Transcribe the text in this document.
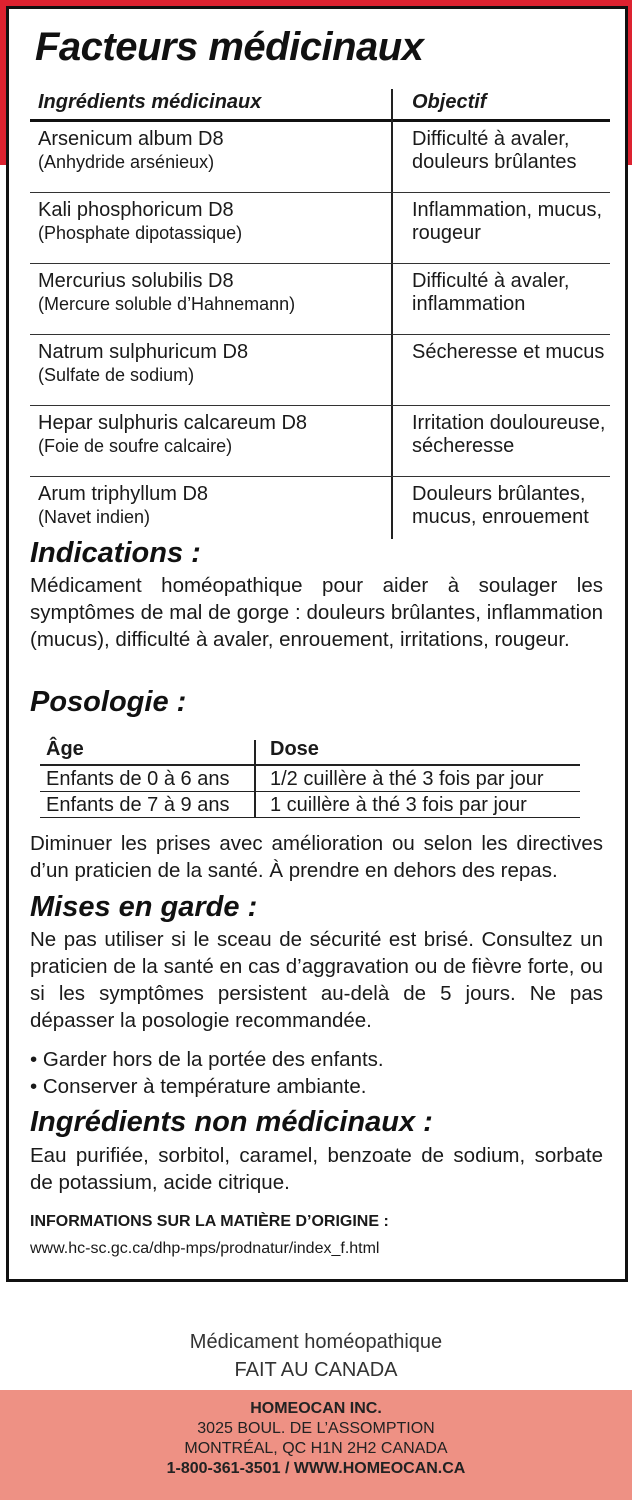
Facteurs médicinaux
Ingrédients médicinaux	Objectif
Arsenicum album D8
(Anhydride arsénieux)
Difficulté à avaler,
douleurs brûlantes
Kali phosphoricum D8
(Phosphate dipotassique)
Inflammation, mucus,
rougeur
Mercurius solubilis D8
(Mercure soluble d’Hahnemann)
Difficulté à avaler,
inflammation
Natrum sulphuricum D8
(Sulfate de sodium)
Sécheresse et mucus
Hepar sulphuris calcareum D8
(Foie de soufre calcaire)
Irritation douloureuse,
sécheresse
Arum triphyllum D8
(Navet indien)
Douleurs brûlantes,
mucus, enrouement
Indications :

Médicament homéopathique pour aider à soulager les symptômes de mal de gorge : douleurs brûlantes, inflammation (mucus), difficulté à avaler, enrouement, irritations, rougeur.

Posologie :
Âge	Dose
Enfants de 0 à 6 ans 1/2 cuillère à thé 3 fois par jour
Enfants de 7 à 9 ans 1 cuillère à thé 3 fois par jour

Diminuer les prises avec amélioration ou selon les directives d’un praticien de la santé. À prendre en dehors des repas.

Mises en garde :

Ne pas utiliser si le sceau de sécurité est brisé. Consultez un praticien de la santé en cas d’aggravation ou de fièvre forte, ou si les symptômes persistent au-delà de 5 jours. Ne pas dépasser la posologie recommandée.

• Garder hors de la portée des enfants.
• Conserver à température ambiante.
Ingrédients non médicinaux :

Eau purifiée, sorbitol, caramel, benzoate de sodium, sorbate de potassium, acide citrique.

INFORMATIONS SUR LA MATIÈRE D’ORIGINE :
www.hc-sc.gc.ca/dhp-mps/prodnatur/index_f.html
Médicament homéopathique
FAIT AU CANADA
HOMEOCAN INC.
3025 BOUL. DE L’ASSOMPTION
MONTRÉAL, QC H1N 2H2 CANADA
1-800-361-3501 / WWW.HOMEOCAN.CA
